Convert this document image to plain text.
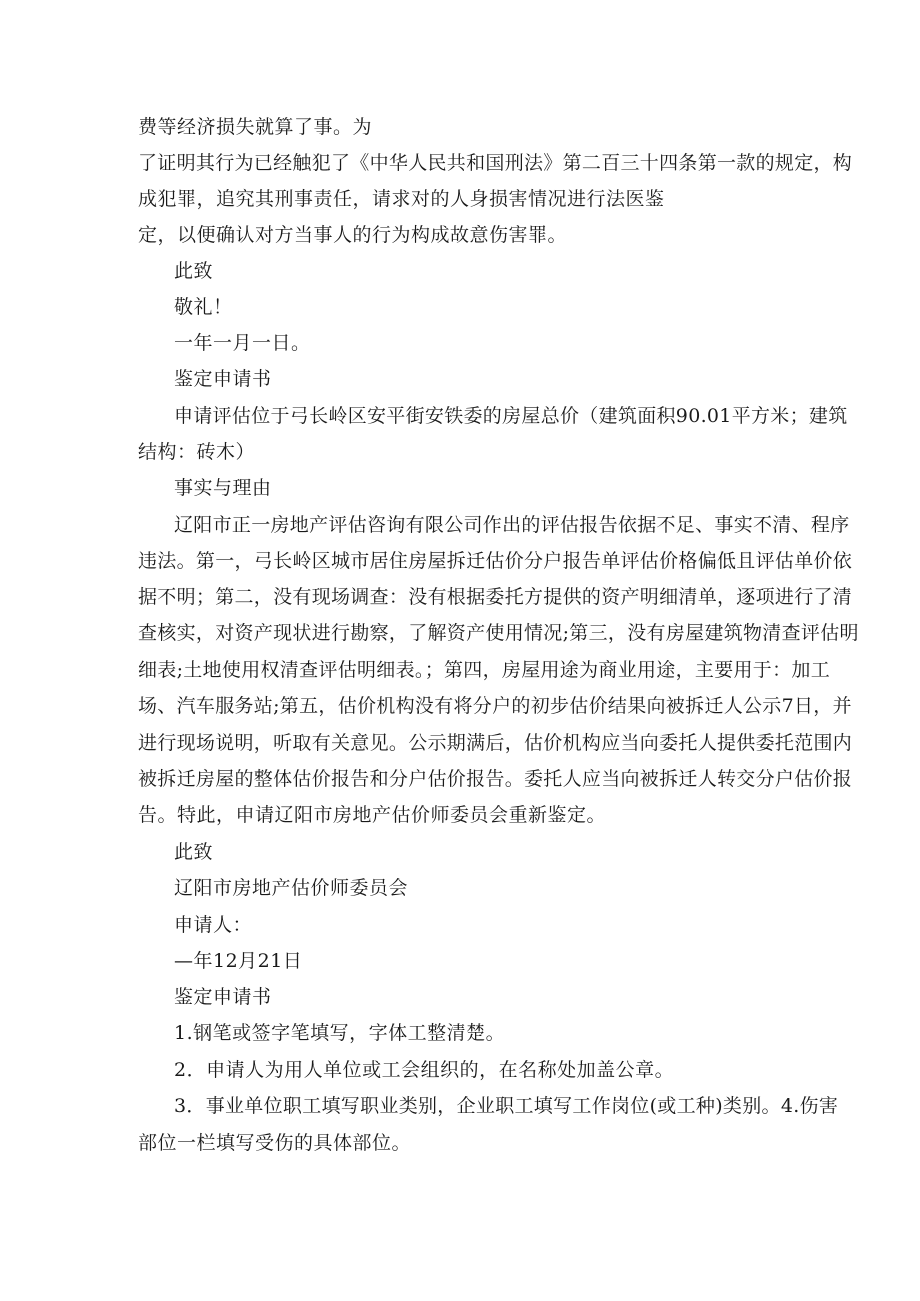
费等经济损失就算了事。为

了证明其行为已经触犯了《中华人民共和国刑法》第二百三十四条第一款的规定，构

成犯罪，追究其刑事责任，请求对的人身损害情况进行法医鉴

定，以便确认对方当事人的行为构成故意伤害罪。

此致

敬礼！

一年一月一日。

鉴定申请书

申请评估位于弓长岭区安平街安铁委的房屋总价（建筑面积90.01平方米；建筑

结构：砖木）

事实与理由

辽阳市正一房地产评估咨询有限公司作出的评估报告依据不足、事实不清、程序

违法。第一，弓长岭区城市居住房屋拆迁估价分户报告单评估价格偏低且评估单价依

据不明；第二，没有现场调查：没有根据委托方提供的资产明细清单，逐项进行了清

查核实，对资产现状进行勘察，了解资产使用情况;第三，没有房屋建筑物清查评估明

细表;土地使用权清查评估明细表。；第四，房屋用途为商业用途，主要用于：加工

场、汽车服务站;第五，估价机构没有将分户的初步估价结果向被拆迁人公示7日，并

进行现场说明，听取有关意见。公示期满后，估价机构应当向委托人提供委托范围内

被拆迁房屋的整体估价报告和分户估价报告。委托人应当向被拆迁人转交分户估价报

告。特此，申请辽阳市房地产估价师委员会重新鉴定。

此致

辽阳市房地产估价师委员会

申请人：

—年12月21日

鉴定申请书

1.钢笔或签字笔填写，字体工整清楚。

2．申请人为用人单位或工会组织的，在名称处加盖公章。

3．事业单位职工填写职业类别，企业职工填写工作岗位(或工种)类别。4.伤害

部位一栏填写受伤的具体部位。
